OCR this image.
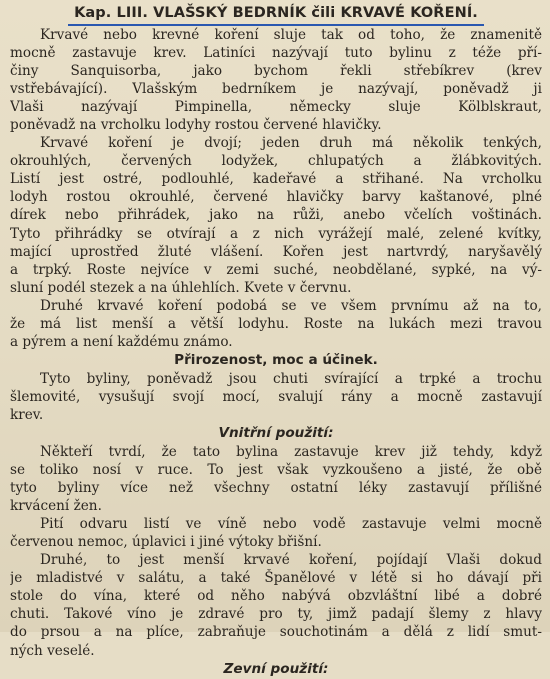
Kap. LIII. VLAŠSKÝ BEDRNÍK čili KRVAVÉ KOŘENÍ.
Krvavé nebo krevné koření sluje tak od toho, že znamenitě
mocně zastavuje krev. Latiníci nazývají tuto bylinu z téže pří-
činy Sanquisorba, jako bychom řekli střebíkrev (krev
vstřebávající). Vlašským bedrníkem je nazývají, poněvadž ji
Vlaši nazývají Pimpinella, německy sluje Kölblskraut,
poněvadž na vrcholku lodyhy rostou červené hlavičky.
Krvavé koření je dvojí; jeden druh má několik tenkých,
okrouhlých, červených lodyžek, chlupatých a žlábkovitých.
Listí jest ostré, podlouhlé, kadeřavé a střihané. Na vrcholku
lodyh rostou okrouhlé, červené hlavičky barvy kaštanové, plné
dírek nebo přihrádek, jako na růži, anebo včelích voštinách.
Tyto přihrádky se otvírají a z nich vyrážejí malé, zelené kvítky,
mající uprostřed žluté vlášení. Kořen jest nartvrdý, naryšavělý
a trpký. Roste nejvíce v zemi suché, neobdělané, sypké, na vý-
sluní podél stezek a na úhlehlích. Kvete v červnu.
Druhé krvavé koření podobá se ve všem prvnímu až na to,
že má list menší a větší lodyhu. Roste na lukách mezi travou
a pýrem a není každému známo.
Přirozenost, moc a účinek.
Tyto byliny, poněvadž jsou chuti svírající a trpké a trochu
šlemovité, vysušují svojí mocí, svalují rány a mocně zastavují
krev.
Vnitřní použití:
Někteří tvrdí, že tato bylina zastavuje krev již tehdy, když
se toliko nosí v ruce. To jest však vyzkoušeno a jisté, že obě
tyto byliny více než všechny ostatní léky zastavují přílišné
krvácení žen.
Pití odvaru listí ve víně nebo vodě zastavuje velmi mocně
červenou nemoc, úplavici i jiné výtoky břišní.
Druhé, to jest menší krvavé koření, pojídají Vlaši dokud
je mladistvé v salátu, a také Španělové v létě si ho dávají při
stole do vína, které od něho nabývá obzvláštní libé a dobré
chuti. Takové víno je zdravé pro ty, jimž padají šlemy z hlavy
do prsou a na plíce, zabraňuje souchotinám a dělá z lidí smut-
ných veselé.
Zevní použití:
